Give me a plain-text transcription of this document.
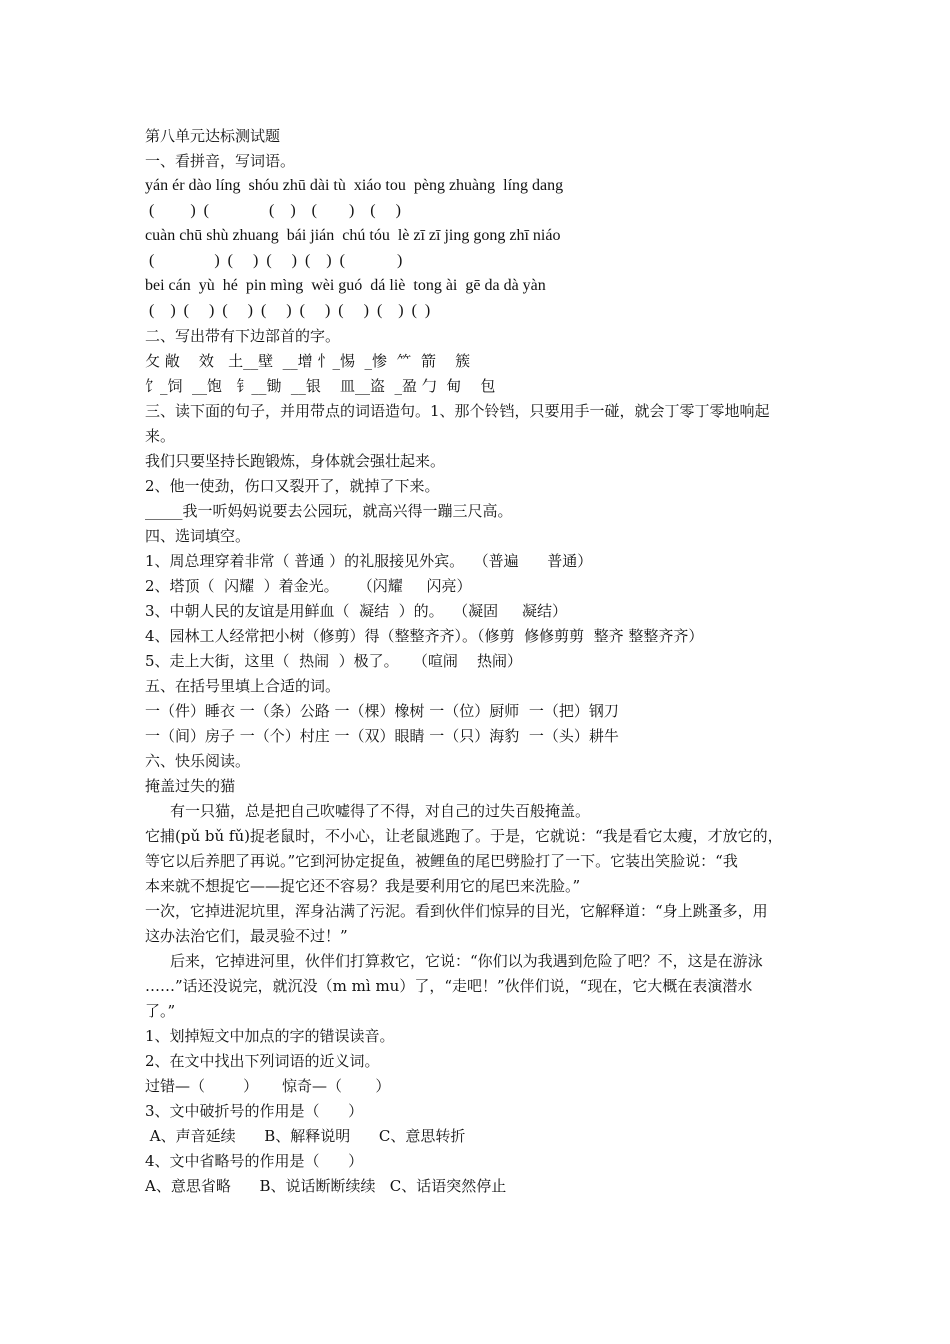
第八单元达标测试题
一、看拼音，写词语。
yán ér dào líng  shóu zhū dài tù  xiáo tou  pèng zhuàng  líng dang
(         )  (               (    )    (        )    (     )
cuàn chū shù zhuang  bái jián  chú tóu  lè zī zī jing gong zhī niáo
(               )  (     )  (     )  (    )  (             )
bei cán  yù  hé  pin mìng  wèi guó  dá liè  tong ài  gē da dà yàn
(    )  (     )  (     )  (     )  (     )  (     )  (    )  (  )
二、写出带有下边部首的字。
攵 敞    效   土__壁  __增 忄_惕  _惨  ⺮  箭    簇
饣_饲  __饱   钅__锄  __银    皿__盗  _盈 勹  甸    包
三、读下面的句子，并用带点的词语造句。1、那个铃铛，只要用手一碰，就会丁零丁零地响起
来。
我们只要坚持长跑锻炼，身体就会强壮起来。
2、他一使劲，伤口又裂开了，就掉了下来。
_____我一听妈妈说要去公园玩，就高兴得一蹦三尺高。
四、选词填空。
1、周总理穿着非常（ 普通 ）的礼服接见外宾。  （普遍      普通）
2、塔顶（  闪耀  ）着金光。    （闪耀     闪亮）
3、中朝人民的友谊是用鲜血（  凝结  ）的。  （凝固     凝结）
4、园林工人经常把小树（修剪）得（整整齐齐）。（修剪  修修剪剪  整齐 整整齐齐）
5、走上大街，这里（  热闹  ）极了。   （喧闹    热闹）
五、在括号里填上合适的词。
一（件）睡衣 一（条）公路 一（棵）橡树 一（位）厨师  一（把）钢刀
一（间）房子 一（个）村庄 一（双）眼睛 一（只）海豹  一（头）耕牛
六、快乐阅读。
掩盖过失的猫
有一只猫，总是把自己吹嘘得了不得，对自己的过失百般掩盖。
它捕(pǔ bǔ fǔ)捉老鼠时，不小心，让老鼠逃跑了。于是，它就说：“我是看它太瘦，才放它的，
等它以后养肥了再说。”它到河协定捉鱼，被鲤鱼的尾巴劈脸打了一下。它装出笑脸说：“我
本来就不想捉它——捉它还不容易？我是要利用它的尾巴来洗脸。”
一次，它掉进泥坑里，浑身沾满了污泥。看到伙伴们惊异的目光，它解释道：“身上跳蚤多，用
这办法治它们，最灵验不过！”
后来，它掉进河里，伙伴们打算救它，它说：“你们以为我遇到危险了吧？不，这是在游泳
……”话还没说完，就沉没（m mì mu）了，“走吧！”伙伴们说，“现在，它大概在表演潜水
了。”
1、划掉短文中加点的字的错误读音。
2、在文中找出下列词语的近义词。
过错—（        ）     惊奇—（       ）
3、文中破折号的作用是（      ）
A、声音延续      B、解释说明      C、意思转折
4、文中省略号的作用是（      ）
A、意思省略      B、说话断断续续   C、话语突然停止
